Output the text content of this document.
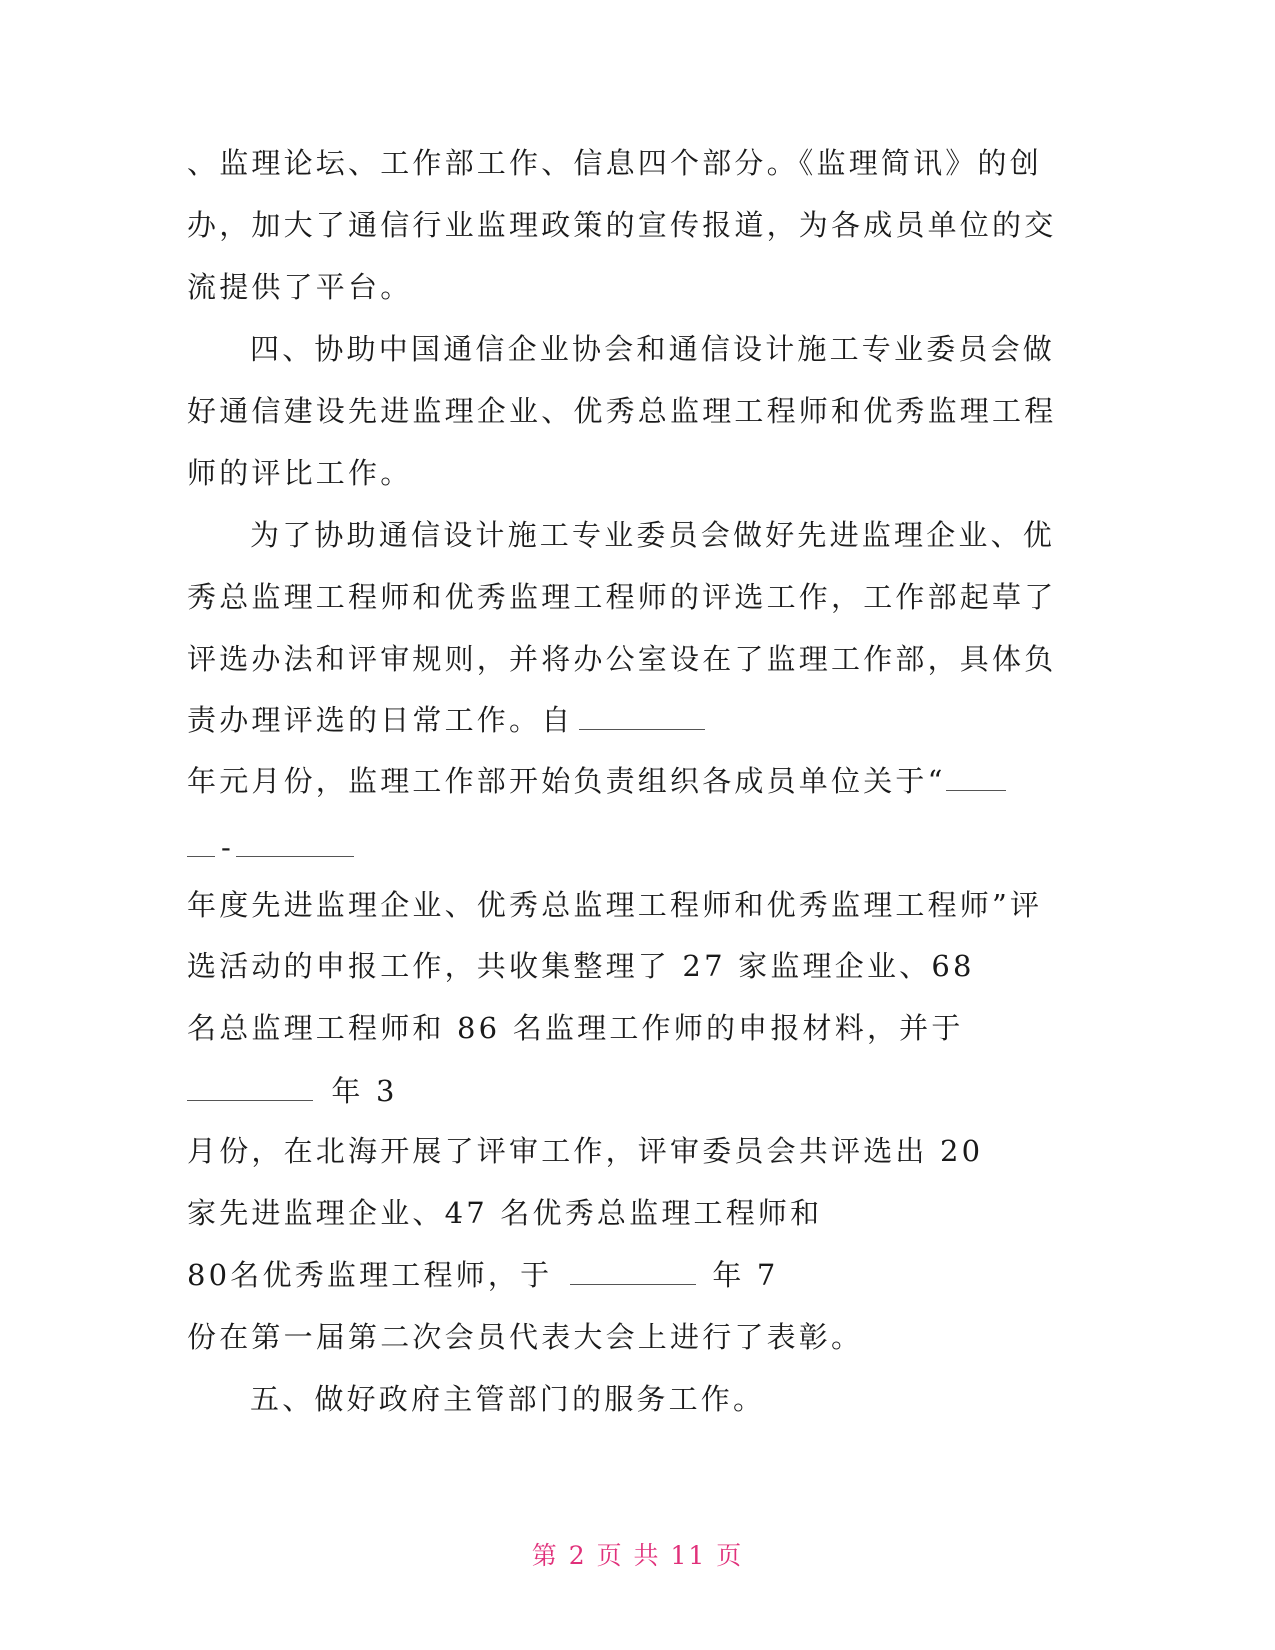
、监理论坛、工作部工作、信息四个部分。《监理简讯》的创

办，加大了通信行业监理政策的宣传报道，为各成员单位的交

流提供了平台。

四、协助中国通信企业协会和通信设计施工专业委员会做

好通信建设先进监理企业、优秀总监理工程师和优秀监理工程

师的评比工作。

为了协助通信设计施工专业委员会做好先进监理企业、优

秀总监理工程师和优秀监理工程师的评选工作，工作部起草了

评选办法和评审规则，并将办公室设在了监理工作部，具体负

责办理评选的日常工作。自
年元月份，监理工作部开始负责组织各成员单位关于“
-

年度先进监理企业、优秀总监理工程师和优秀监理工程师”评

选活动的申报工作，共收集整理了 27 家监理企业、68

名总监理工程师和 86 名监理工作师的申报材料，并于

年 3

月份，在北海开展了评审工作，评审委员会共评选出 20

家先进监理企业、47 名优秀总监理工程师和

80名优秀监理工程师，于	年 7

份在第一届第二次会员代表大会上进行了表彰。

五、做好政府主管部门的服务工作。

第 2 页 共 11 页
